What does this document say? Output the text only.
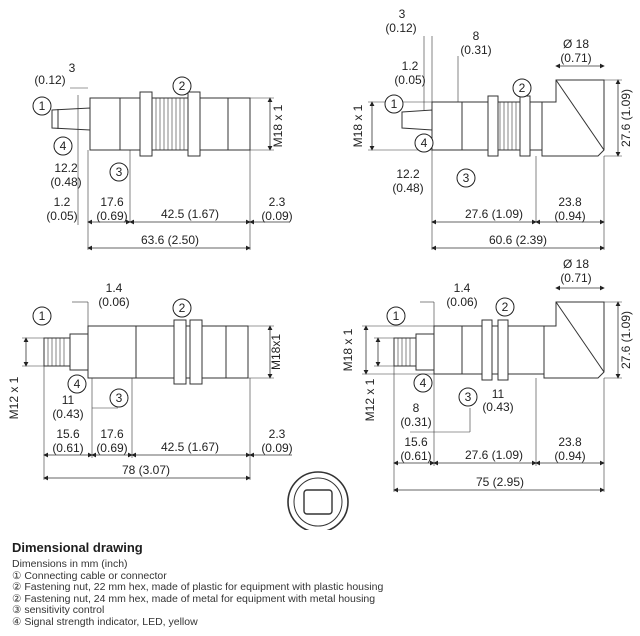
1
2
4
3
1
2
4
3
1
2
4
3
1
2
4
3
3
(0.12)
M18 x 1
12.2
(0.48)
1.2
(0.05)
17.6
(0.69)	42.5 (1.67)
2.3
(0.09)
63.6 (2.50)
3
(0.12)
8
(0.31)	Ø 18
(0.71)
1.2
(0.05)
M18 x 1	27.6 (1.09)
12.2
(0.48)
27.6 (1.09)
23.8
(0.94)
60.6 (2.39)
1.4
(0.06)
M12 x 1
M18x1
11
(0.43)
15.6
(0.61)
17.6
(0.69)	42.5 (1.67)
2.3
(0.09)
78 (3.07)
Ø 18
(0.71)
1.4
(0.06)
M18 x 1
M12 x 1
27.6 (1.09)
11
(0.43)
8
(0.31)
15.6
(0.61)	27.6 (1.09)
23.8
(0.94)
75 (2.95)
Dimensional drawing
Dimensions in mm (inch)
① Connecting cable or connector
② Fastening nut, 22 mm hex, made of plastic for equipment with plastic housing
② Fastening nut, 24 mm hex, made of metal for equipment with metal housing
③ sensitivity control
④ Signal strength indicator, LED, yellow
